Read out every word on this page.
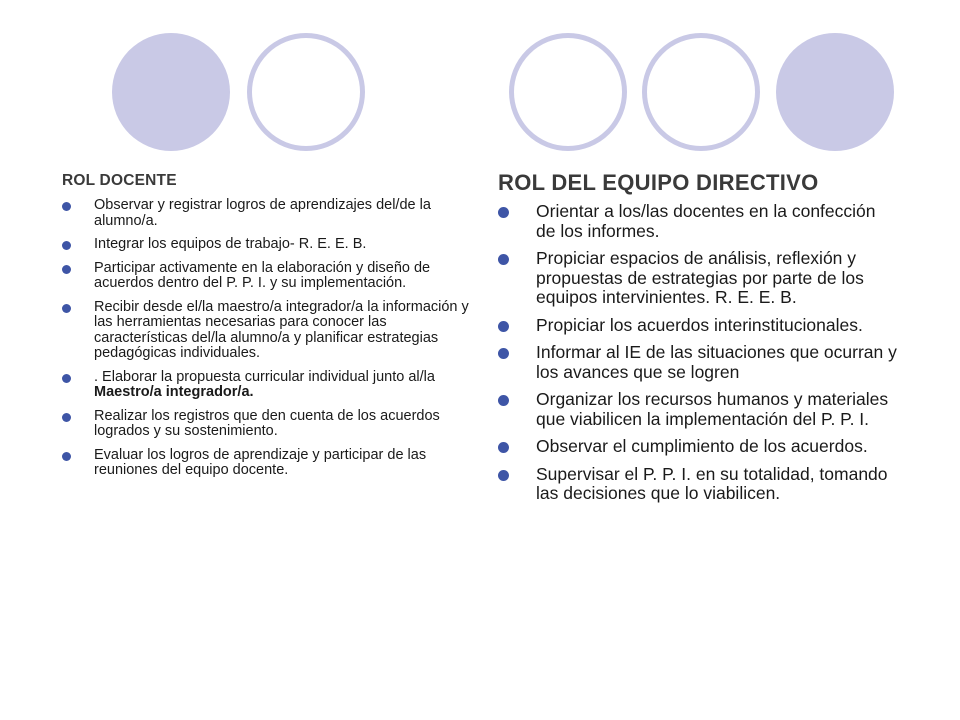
ROL DOCENTE
Observar y registrar logros de aprendizajes del/de la alumno/a.
Integrar los equipos de trabajo- R. E. E. B.
Participar activamente en la elaboración y diseño de acuerdos dentro del P. P. I. y su implementación.
Recibir desde el/la maestro/a integrador/a la información y las herramientas necesarias para conocer las características del/la alumno/a y planificar estrategias pedagógicas individuales.
. Elaborar la propuesta curricular individual junto al/la Maestro/a integrador/a.
Realizar los registros que den cuenta de los acuerdos logrados y su sostenimiento.
Evaluar los logros de aprendizaje y participar de las reuniones del equipo docente.
ROL DEL EQUIPO DIRECTIVO
Orientar a los/las docentes en la confección de los informes.
Propiciar espacios de análisis, reflexión y propuestas de estrategias por parte de los equipos intervinientes. R. E. E. B.
Propiciar los acuerdos interinstitucionales.
Informar al IE de las situaciones que ocurran y los avances que se logren
Organizar los recursos humanos y materiales que viabilicen la implementación del P. P. I.
Observar el cumplimiento de los acuerdos.
Supervisar el P. P. I. en su totalidad, tomando las decisiones que lo viabilicen.
